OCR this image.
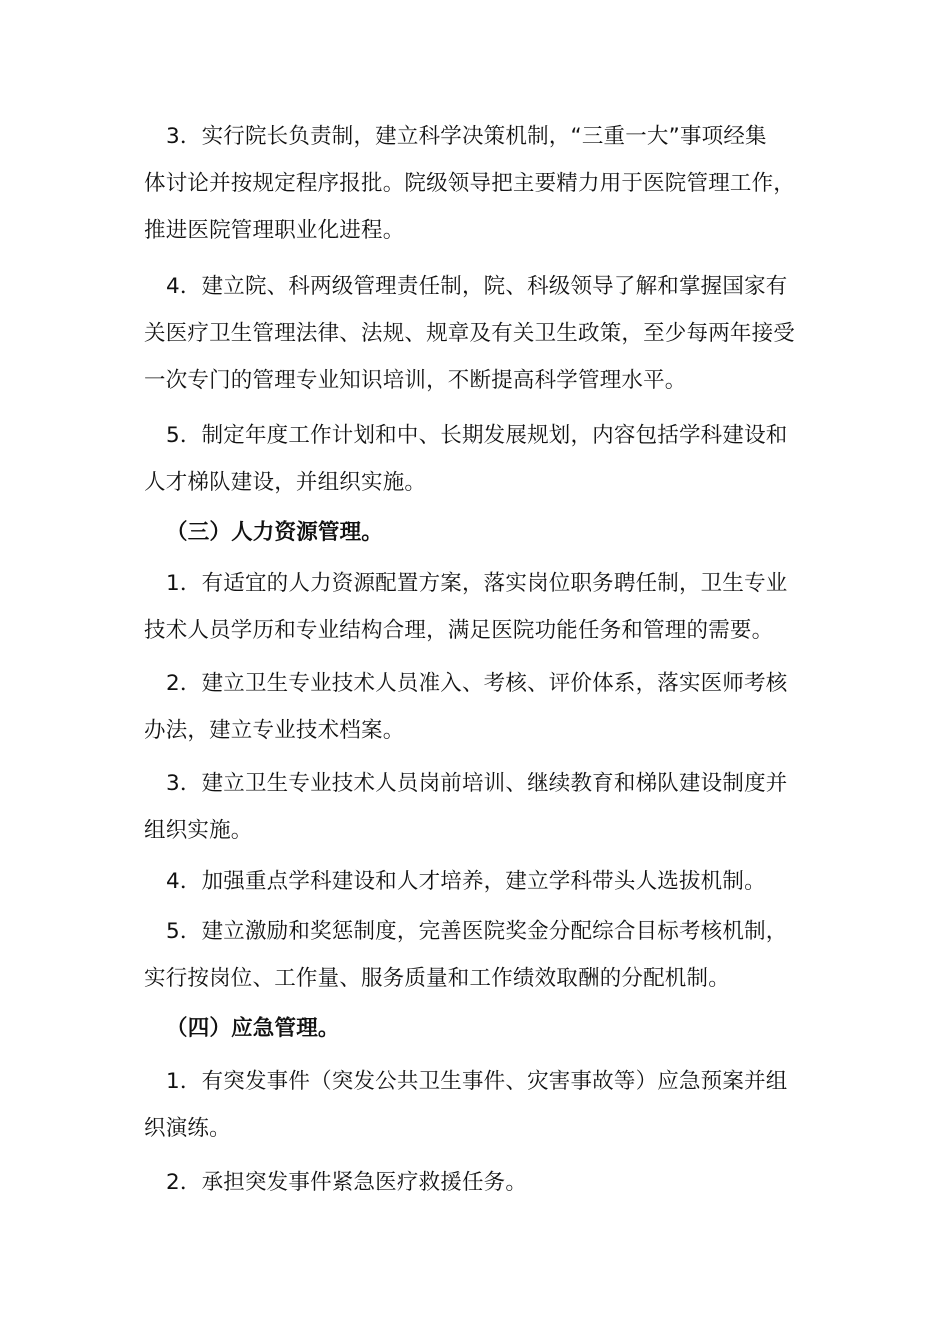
3．实行院长负责制，建立科学决策机制，“三重一大”事项经集
体讨论并按规定程序报批。院级领导把主要精力用于医院管理工作，
推进医院管理职业化进程。

4．建立院、科两级管理责任制，院、科级领导了解和掌握国家有
关医疗卫生管理法律、法规、规章及有关卫生政策，至少每两年接受
一次专门的管理专业知识培训，不断提高科学管理水平。

5．制定年度工作计划和中、长期发展规划，内容包括学科建设和
人才梯队建设，并组织实施。

（三）人力资源管理。

1．有适宜的人力资源配置方案，落实岗位职务聘任制，卫生专业
技术人员学历和专业结构合理，满足医院功能任务和管理的需要。

2．建立卫生专业技术人员准入、考核、评价体系，落实医师考核
办法，建立专业技术档案。

3．建立卫生专业技术人员岗前培训、继续教育和梯队建设制度并
组织实施。

4．加强重点学科建设和人才培养，建立学科带头人选拔机制。

5．建立激励和奖惩制度，完善医院奖金分配综合目标考核机制，
实行按岗位、工作量、服务质量和工作绩效取酬的分配机制。

（四）应急管理。

1．有突发事件（突发公共卫生事件、灾害事故等）应急预案并组
织演练。

2．承担突发事件紧急医疗救援任务。
